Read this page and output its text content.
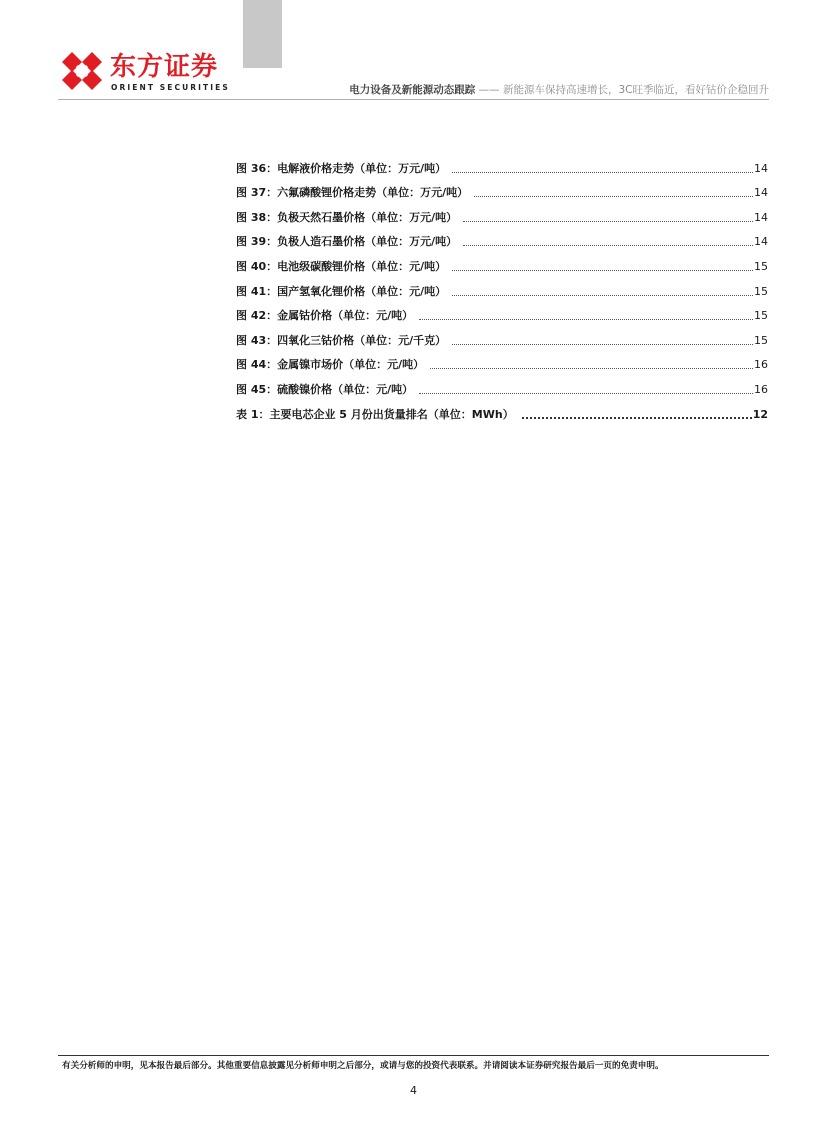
东方证券
ORIENT SECURITIES	电力设备及新能源动态跟踪 —— 新能源车保持高速增长，3C旺季临近，看好钴价企稳回升
图 36：电解液价格走势（单位：万元/吨）	14
图 37：六氟磷酸锂价格走势（单位：万元/吨）	14
图 38：负极天然石墨价格（单位：万元/吨）	14
图 39：负极人造石墨价格（单位：万元/吨）	14
图 40：电池级碳酸锂价格（单位：元/吨）	15
图 41：国产氢氧化锂价格（单位：元/吨）	15
图 42：金属钴价格（单位：元/吨）	15
图 43：四氧化三钴价格（单位：元/千克）	15
图 44：金属镍市场价（单位：元/吨）	16
图 45：硫酸镍价格（单位：元/吨）	16
表 1：主要电芯企业 5 月份出货量排名（单位：MWh）	12
有关分析师的申明，见本报告最后部分。其他重要信息披露见分析师申明之后部分，或请与您的投资代表联系。并请阅读本证券研究报告最后一页的免责申明。
4
